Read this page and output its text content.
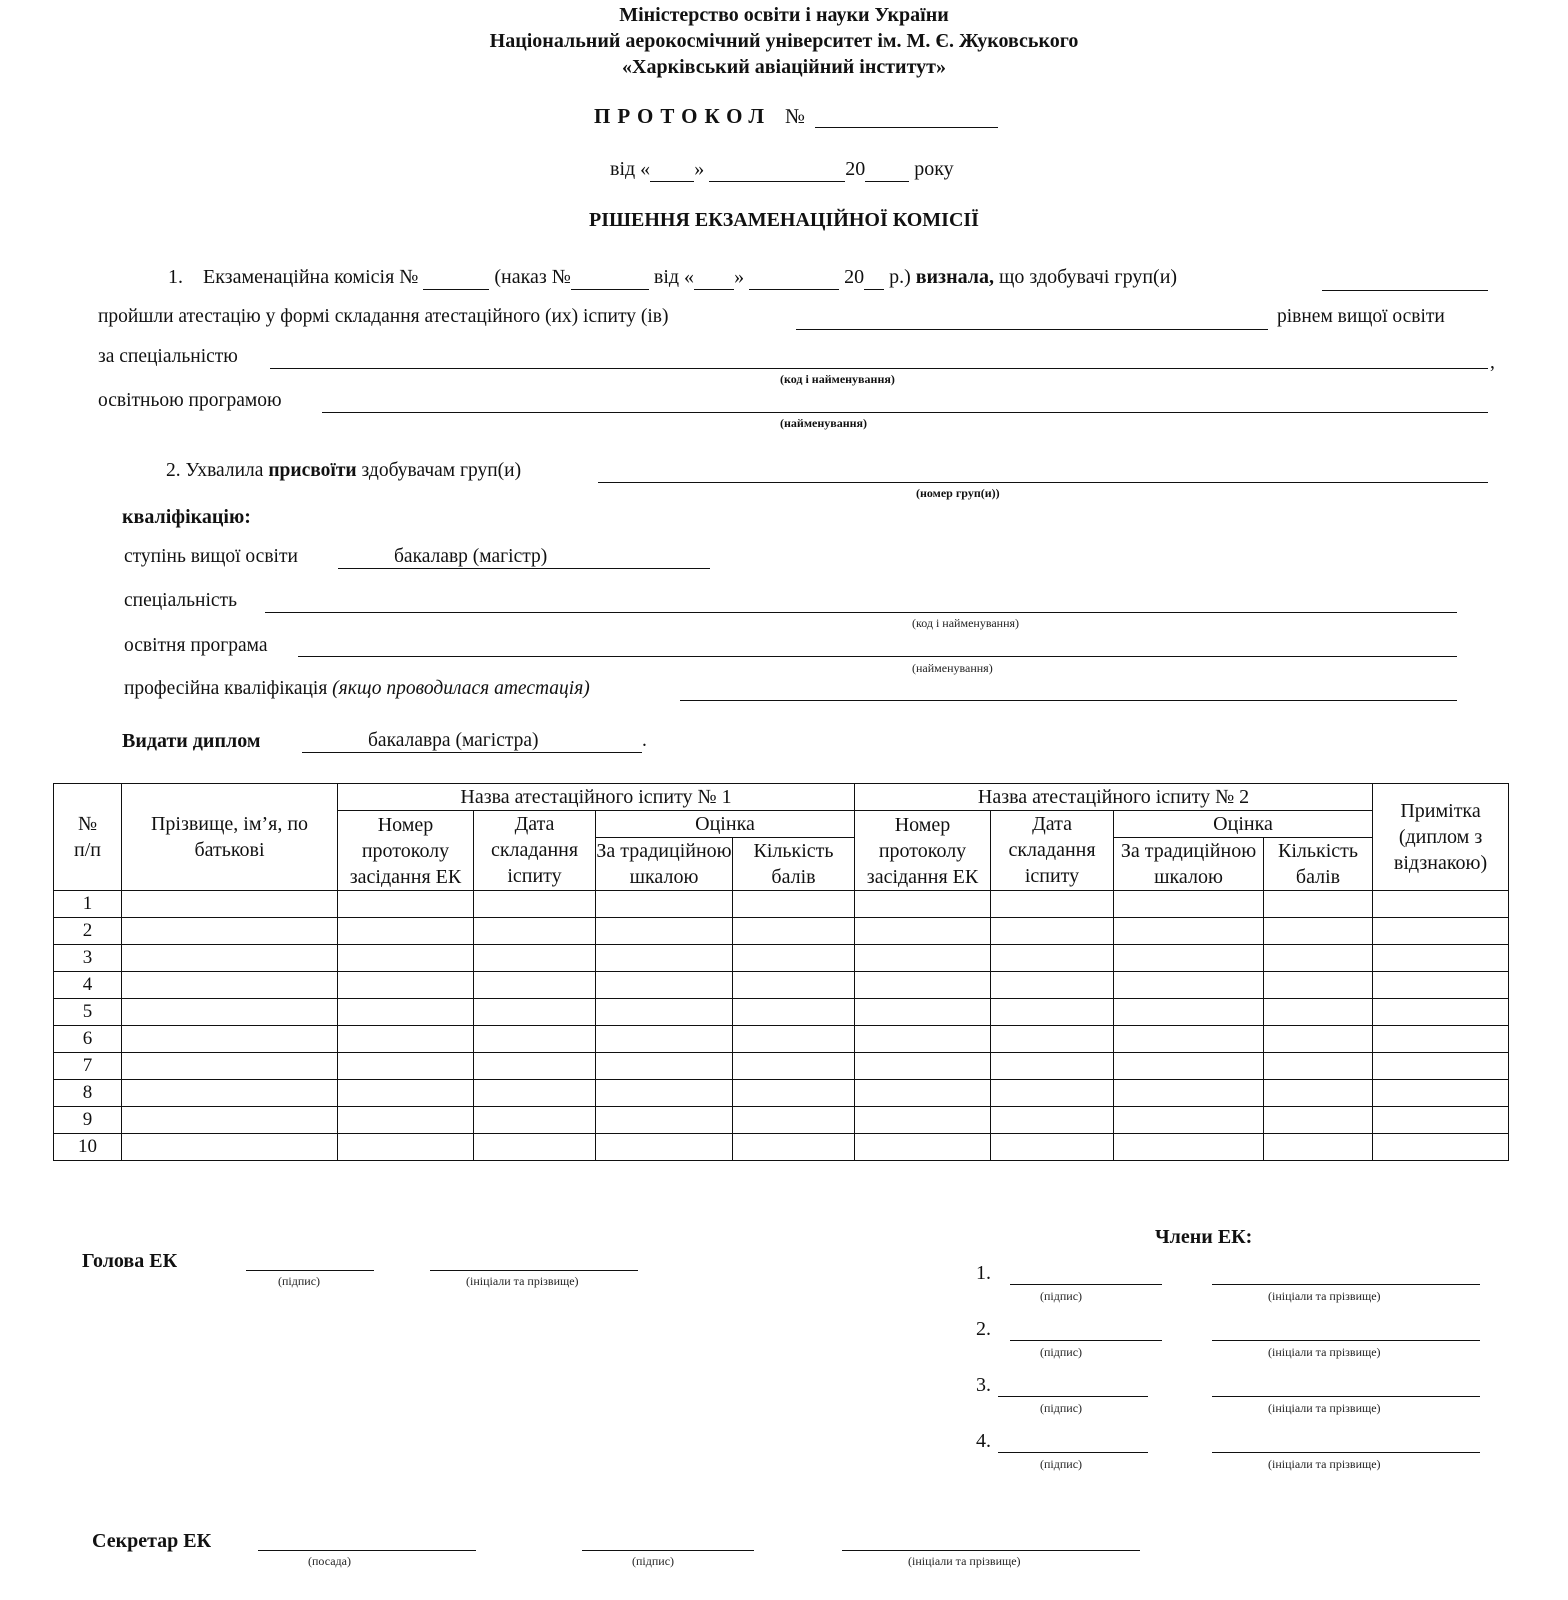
Міністерство освіти і науки України
Національний аерокосмічний університет ім. М. Є. Жуковського
«Харківський авіаційний інститут»
ПРОТОКОЛ №
від « »	20 року
РІШЕННЯ ЕКЗАМЕНАЦІЙНОЇ КОМІСІЇ
1. Екзаменаційна комісія №	(наказ №	від « »	20 р.) визнала, що здобувачі груп(и)
пройшли атестацію у формі складання атестаційного (их) іспиту (ів)	рівнем вищої освіти
за спеціальністю	,
(код і найменування)
освітньою програмою
(найменування)
2. Ухвалила присвоїти здобувачам груп(и)
(номер груп(и))
кваліфікацію:
ступінь вищої освіти	бакалавр (магістр)
спеціальність
(код і найменування)
освітня програма
(найменування)
професійна кваліфікація (якщо проводилася атестація)
Видати диплом	бакалавра (магістра)	.
№ п/п	Прізвище, ім’я, по батькові	Назва атестаційного іспиту № 1				Назва атестаційного іспиту № 2				Примітка (диплом з відзнакою)
		Номер протоколу засідання ЕК	Дата складання іспиту	Оцінка		Номер протоколу засідання ЕК	Дата складання іспиту	Оцінка		
				За традиційною шкалою	Кількість балів			За традиційною шкалою	Кількість балів	

1										
2										
3										
4										
5										
6										
7										
8										
9										
10										
Голова ЕК
(підпис)	(ініціали та прізвище)
Члени ЕК:
1.
(підпис)	(ініціали та прізвище)
2.
(підпис)	(ініціали та прізвище)
3.
(підпис)	(ініціали та прізвище)
4.
(підпис)	(ініціали та прізвище)
Секретар ЕК
(посада)	(підпис)	(ініціали та прізвище)
